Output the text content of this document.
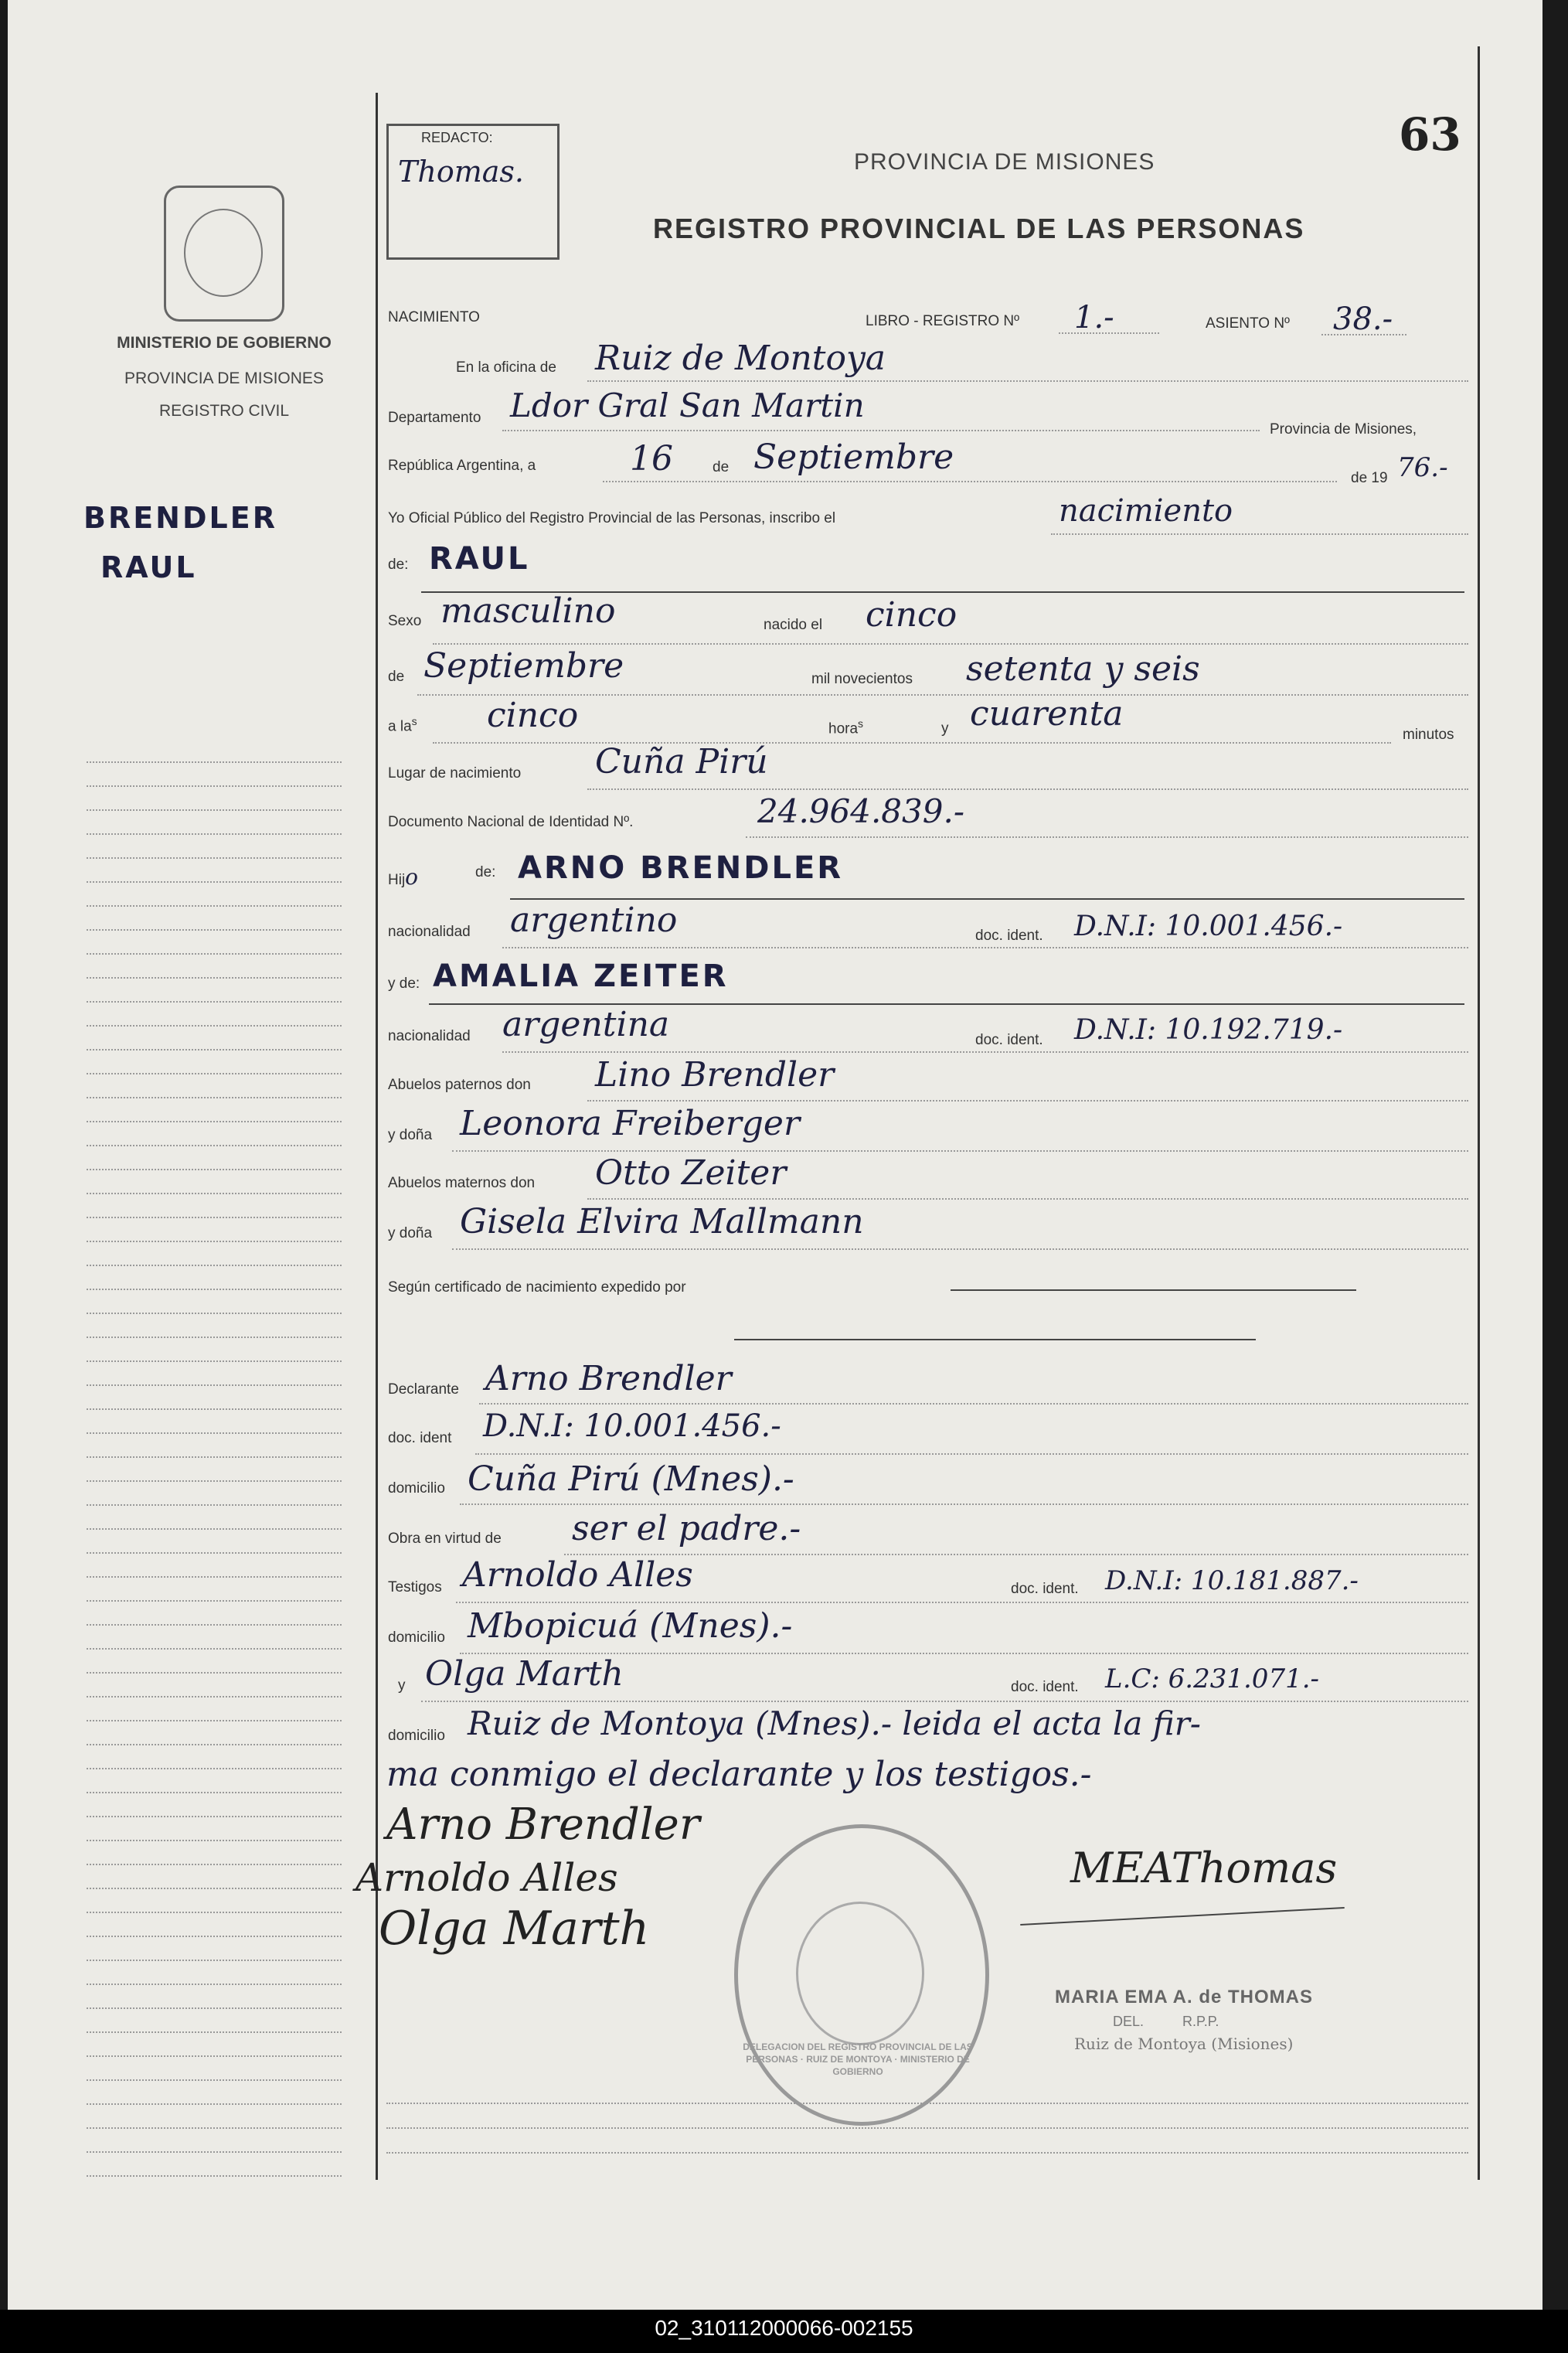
63
REDACTO:
Thomas.	PROVINCIA DE MISIONES
REGISTRO PROVINCIAL DE LAS PERSONAS
MINISTERIO DE GOBIERNO
PROVINCIA DE MISIONES
REGISTRO CIVIL
BRENDLER
RAUL
NACIMIENTO	LIBRO - REGISTRO Nº 1.-	ASIENTO Nº 38.-
En la oficina de Ruiz de Montoya
Departamento Ldor Gral San Martin
Provincia de Misiones,
República Argentina, a	16	de Septiembre
de 19 76.-
Yo Oficial Público del Registro Provincial de las Personas, inscribo el	nacimiento
de: RAUL
Sexo masculino	nacido el cinco
de Septiembre	mil novecientos setenta y seis
a $la^s$ cinco	hora$^s$	y cuarenta
minutos
Lugar de nacimiento Cuña Pirú
Documento Nacional de Identidad Nº.	24.964.839.-
Hijo	de: ARNO BRENDLER
nacionalidad argentino	doc. ident. D.N.I: 10.001.456.-
y de: AMALIA ZEITER
nacionalidad argentina	doc. ident. D.N.I: 10.192.719.-
Abuelos paternos don Lino Brendler
y doña Leonora Freiberger
Abuelos maternos don Otto Zeiter
y doña Gisela Elvira Mallmann
Según certificado de nacimiento expedido por
Declarante Arno Brendler
doc. ident D.N.I: 10.001.456.-
domicilio Cuña Pirú (Mnes).-
Obra en virtud de ser el padre.-
Testigos Arnoldo Alles	doc. ident. D.N.I: 10.181.887.-
domicilio Mbopicuá (Mnes).-
y Olga Marth	doc. ident. L.C: 6.231.071.-
domicilio Ruiz de Montoya (Mnes).- leida el acta la fir-
ma conmigo el declarante y los testigos.-
Arno Brendler
Arnoldo Alles
Olga Marth
MEAThomas
MARIA EMA A. de THOMAS
DEL.          R.P.P.
Ruiz de Montoya (Misiones)
DELEGACION DEL REGISTRO PROVINCIAL DE LAS PERSONAS · RUIZ DE MONTOYA · MINISTERIO DE GOBIERNO
02_310112000066-002155
